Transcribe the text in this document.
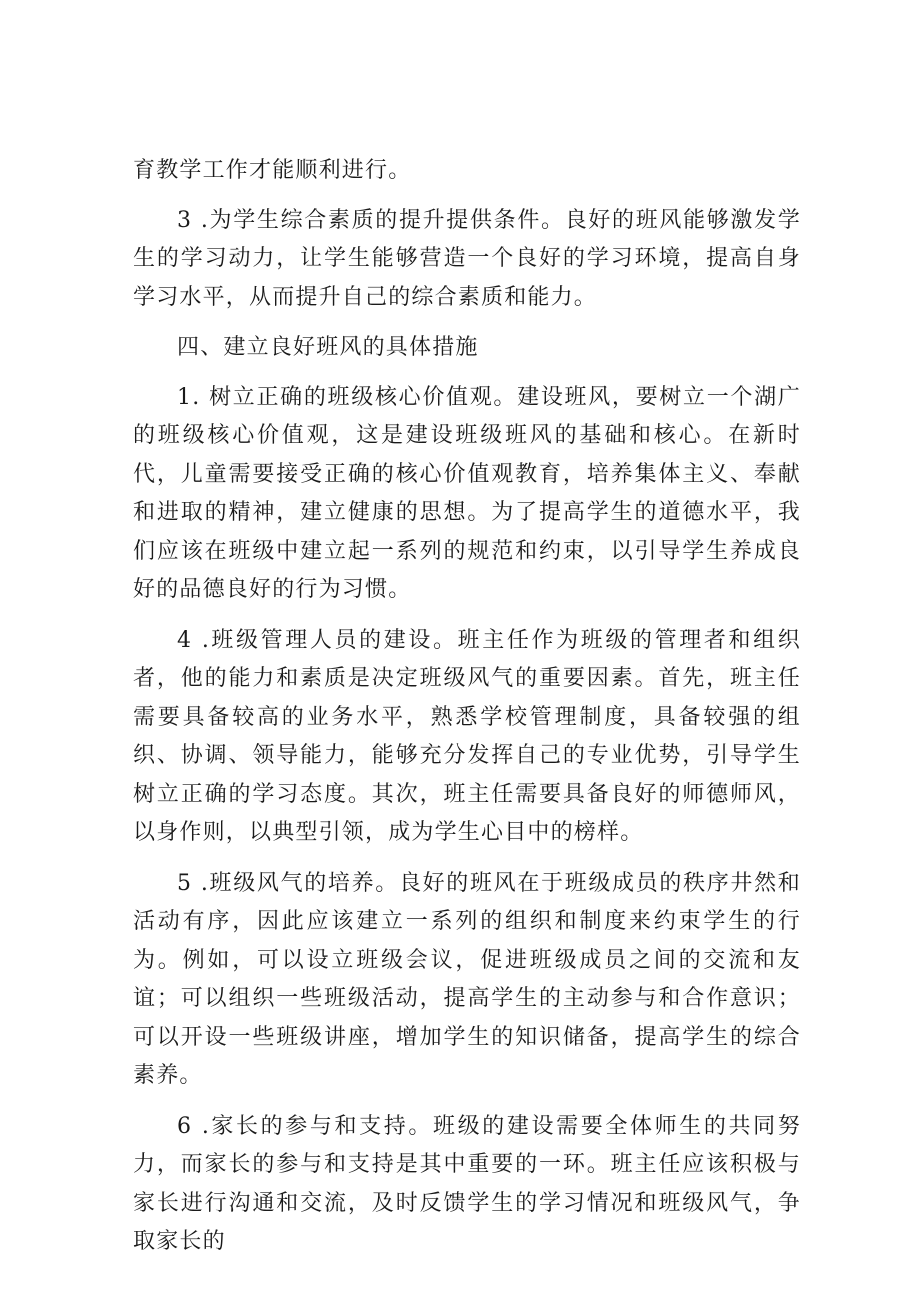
育教学工作才能顺利进行。

3 .为学生综合素质的提升提供条件。良好的班风能够激发学生的学习动力，让学生能够营造一个良好的学习环境，提高自身学习水平，从而提升自己的综合素质和能力。

四、建立良好班风的具体措施

1. 树立正确的班级核心价值观。建设班风，要树立一个湖广的班级核心价值观，这是建设班级班风的基础和核心。在新时代，儿童需要接受正确的核心价值观教育，培养集体主义、奉献和进取的精神，建立健康的思想。为了提高学生的道德水平，我们应该在班级中建立起一系列的规范和约束，以引导学生养成良好的品德良好的行为习惯。

4 .班级管理人员的建设。班主任作为班级的管理者和组织者，他的能力和素质是决定班级风气的重要因素。首先，班主任需要具备较高的业务水平，熟悉学校管理制度，具备较强的组织、协调、领导能力，能够充分发挥自己的专业优势，引导学生树立正确的学习态度。其次，班主任需要具备良好的师德师风，以身作则，以典型引领，成为学生心目中的榜样。

5 .班级风气的培养。良好的班风在于班级成员的秩序井然和活动有序，因此应该建立一系列的组织和制度来约束学生的行为。例如，可以设立班级会议，促进班级成员之间的交流和友谊；可以组织一些班级活动，提高学生的主动参与和合作意识；可以开设一些班级讲座，增加学生的知识储备，提高学生的综合素养。

6 .家长的参与和支持。班级的建设需要全体师生的共同努力，而家长的参与和支持是其中重要的一环。班主任应该积极与家长进行沟通和交流，及时反馈学生的学习情况和班级风气，争取家长的
